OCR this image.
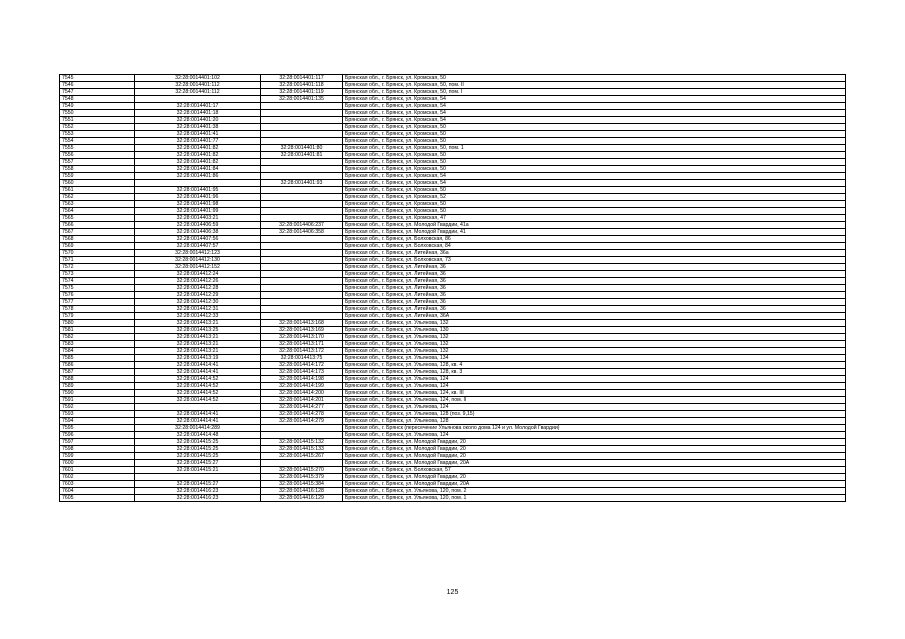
7545	32:28:0014401:102	32:28:0014401:117	Брянская обл., г. Брянск, ул. Кромская, 50
7546	32:28:0014401:112	32:28:0014401:118	Брянская обл., г. Брянск, ул. Кромская, 50, пом. II
7547	32:28:0014401:112	32:28:0014401:119	Брянская обл., г. Брянск, ул. Кромская, 50, пом. I
7548		32:28:0014401:135	Брянская обл., г. Брянск, ул. Кромская, 54
7549	32:28:0014401:17		Брянская обл., г. Брянск, ул. Кромская, 54
7550	32:28:0014401:18		Брянская обл., г. Брянск, ул. Кромская, 54
7551	32:28:0014401:20		Брянская обл., г. Брянск, ул. Кромская, 54
7552	32:28:0014401:38		Брянская обл., г. Брянск, ул. Кромская, 50
7553	32:28:0014401:41		Брянская обл., г. Брянск, ул. Кромская, 50
7554	32:28:0014401:77		Брянская обл., г. Брянск, ул. Кромская, 50
7555	32:28:0014401:82	32:28:0014401:80	Брянская обл., г. Брянск, ул. Кромская, 50, пом. 1
7556	32:28:0014401:82	32:28:0014401:81	Брянская обл., г. Брянск, ул. Кромская, 50
7557	32:28:0014401:82		Брянская обл., г. Брянск, ул. Кромская, 50
7558	32:28:0014401:84		Брянская обл., г. Брянск, ул. Кромская, 50
7559	32:28:0014401:86		Брянская обл., г. Брянск, ул. Кромская, 54
7560		32:28:0014401:93	Брянская обл., г. Брянск, ул. Кромская, 54
7561	32:28:0014401:95		Брянская обл., г. Брянск, ул. Кромская, 50
7562	32:28:0014401:96		Брянская обл., г. Брянск, ул. Кромская, 52
7563	32:28:0014401:98		Брянская обл., г. Брянск, ул. Кромская, 50
7564	32:28:0014401:99		Брянская обл., г. Брянск, ул. Кромская, 50
7565	32:28:0014403:21		Брянская обл., г. Брянск, ул. Кромская, 47
7566	32:28:0014406:59	32:28:0014406:237	Брянская обл., г. Брянск, ул. Молодой Гвардии, 41а
7567	32:28:0014406:38	32:28:0014406:358	Брянская обл., г. Брянск, ул. Молодой Гвардии, 41
7568	32:28:0014407:56		Брянская обл., г. Брянск, ул. Болховская, 86
7569	32:28:0014407:57		Брянская обл., г. Брянск, ул. Болховская, 84
7570	32:28:0014412:123		Брянская обл., г. Брянск, ул. Литейная, 36а
7571	32:28:0014412:130		Брянская обл., г. Брянск, ул. Болховская, 73
7572	32:28:0014412:152		Брянская обл., г. Брянск, ул. Литейная, 36
7573	32:28:0014412:24		Брянская обл., г. Брянск, ул. Литейная, 36
7574	32:28:0014412:26		Брянская обл., г. Брянск, ул. Литейная, 36
7575	32:28:0014412:28		Брянская обл., г. Брянск, ул. Литейная, 36
7576	32:28:0014412:29		Брянская обл., г. Брянск, ул. Литейная, 36
7577	32:28:0014412:30		Брянская обл., г. Брянск, ул. Литейная, 36
7578	32:28:0014412:31		Брянская обл., г. Брянск, ул. Литейная, 36
7579	32:28:0014412:33		Брянская обл., г. Брянск, ул. Литейная, 36А
7580	32:28:0014413:21	32:28:0014413:168	Брянская обл., г. Брянск, ул. Ульянова, 132
7581	32:28:0014413:25	32:28:0014413:169	Брянская обл., г. Брянск, ул. Ульянова, 130
7582	32:28:0014413:21	32:28:0014413:170	Брянская обл., г. Брянск, ул. Ульянова, 132
7583	32:28:0014413:21	32:28:0014413:171	Брянская обл., г. Брянск, ул. Ульянова, 132
7584	32:28:0014413:21	32:28:0014413:172	Брянская обл., г. Брянск, ул. Ульянова, 132
7585	32:28:0014413:19	32:28:0014413:75	Брянская обл., г. Брянск, ул. Ульянова, 134
7586	32:28:0014414:41	32:28:0014414:172	Брянская обл., г. Брянск, ул. Ульянова, 128, кв. 4
7587	32:28:0014414:41	32:28:0014414:173	Брянская обл., г. Брянск, ул. Ульянова, 128, кв. 3
7588	32:28:0014414:52	32:28:0014414:198	Брянская обл., г. Брянск, ул. Ульянова, 124
7589	32:28:0014414:52	32:28:0014414:199	Брянская обл., г. Брянск, ул. Ульянова, 124
7590	32:28:0014414:52	32:28:0014414:200	Брянская обл., г. Брянск, ул. Ульянова, 124, кв. III
7591	32:28:0014414:52	32:28:0014414:201	Брянская обл., г. Брянск, ул. Ульянова, 124, пом. II
7592		32:28:0014414:277	Брянская обл., г. Брянск, ул. Ульянова, 124
7593	32:28:0014414:41	32:28:0014414:278	Брянская обл., г. Брянск, ул. Ульянова, 128 (поз. 9,15)
7594	32:28:0014414:41	32:28:0014414:279	Брянская обл., г. Брянск, ул. Ульянова, 128
7595	32:28:0014414:289		Брянская обл., г. Брянск (пересечение Ульянова около дома 124 и ул. Молодой Гвардии)
7596	32:28:0014414:48		Брянская обл., г. Брянск, ул. Ульянова, 124
7597	32:28:0014415:25	32:28:0014415:132	Брянская обл., г. Брянск, ул. Молодой Гвардии, 20
7598	32:28:0014415:25	32:28:0014415:133	Брянская обл., г. Брянск, ул. Молодой Гвардии, 20
7599	32:28:0014415:25	32:28:0014415:267	Брянская обл., г. Брянск, ул. Молодой Гвардии, 20
7600	32:28:0014415:27		Брянская обл., г. Брянск, ул. Молодой Гвардии, 20А
7601	32:28:0014415:21	32:28:0014415:270	Брянская обл., г. Брянск, ул. Болховская, 57
7602		32:28:0014415:379	Брянская обл., г. Брянск, ул. Молодой Гвардии, 20
7603	32:28:0014415:27	32:28:0014415:384	Брянская обл., г. Брянск, ул. Молодой Гвардии, 20А
7604	32:28:0014416:23	32:28:0014416:128	Брянская обл., г. Брянск, ул. Ульянова, 120, пом. 2
7605	32:28:0014416:23	32:28:0014416:129	Брянская обл., г. Брянск, ул. Ульянова, 120, пом. 1
125
